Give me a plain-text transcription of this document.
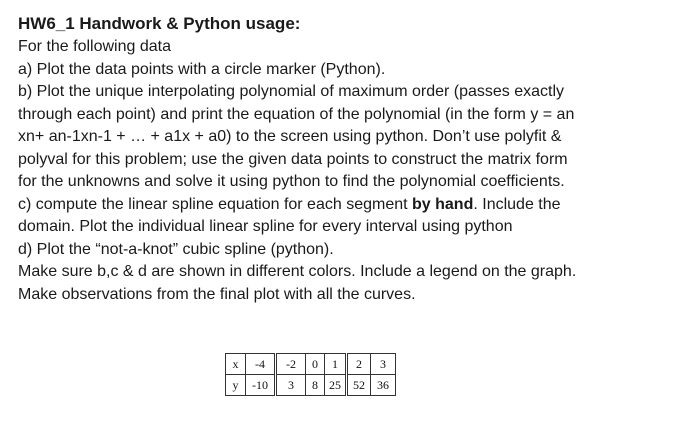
HW6_1 Handwork & Python usage:
For the following data
a) Plot the data points with a circle marker (Python).
b) Plot the unique interpolating polynomial of maximum order (passes exactly
through each point) and print the equation of the polynomial (in the form y = an
xn+ an-1xn-1 + … + a1x + a0) to the screen using python. Don’t use polyfit &
polyval for this problem; use the given data points to construct the matrix form
for the unknowns and solve it using python to find the polynomial coefficients.
c) compute the linear spline equation for each segment by hand. Include the
domain. Plot the individual linear spline for every interval using python
d) Plot the “not-a-knot” cubic spline (python).
Make sure b,c & d are shown in different colors. Include a legend on the graph.
Make observations from the final plot with all the curves.
x	-4	-2	0	1	2	3
y	-10	3	8	25	52	36
